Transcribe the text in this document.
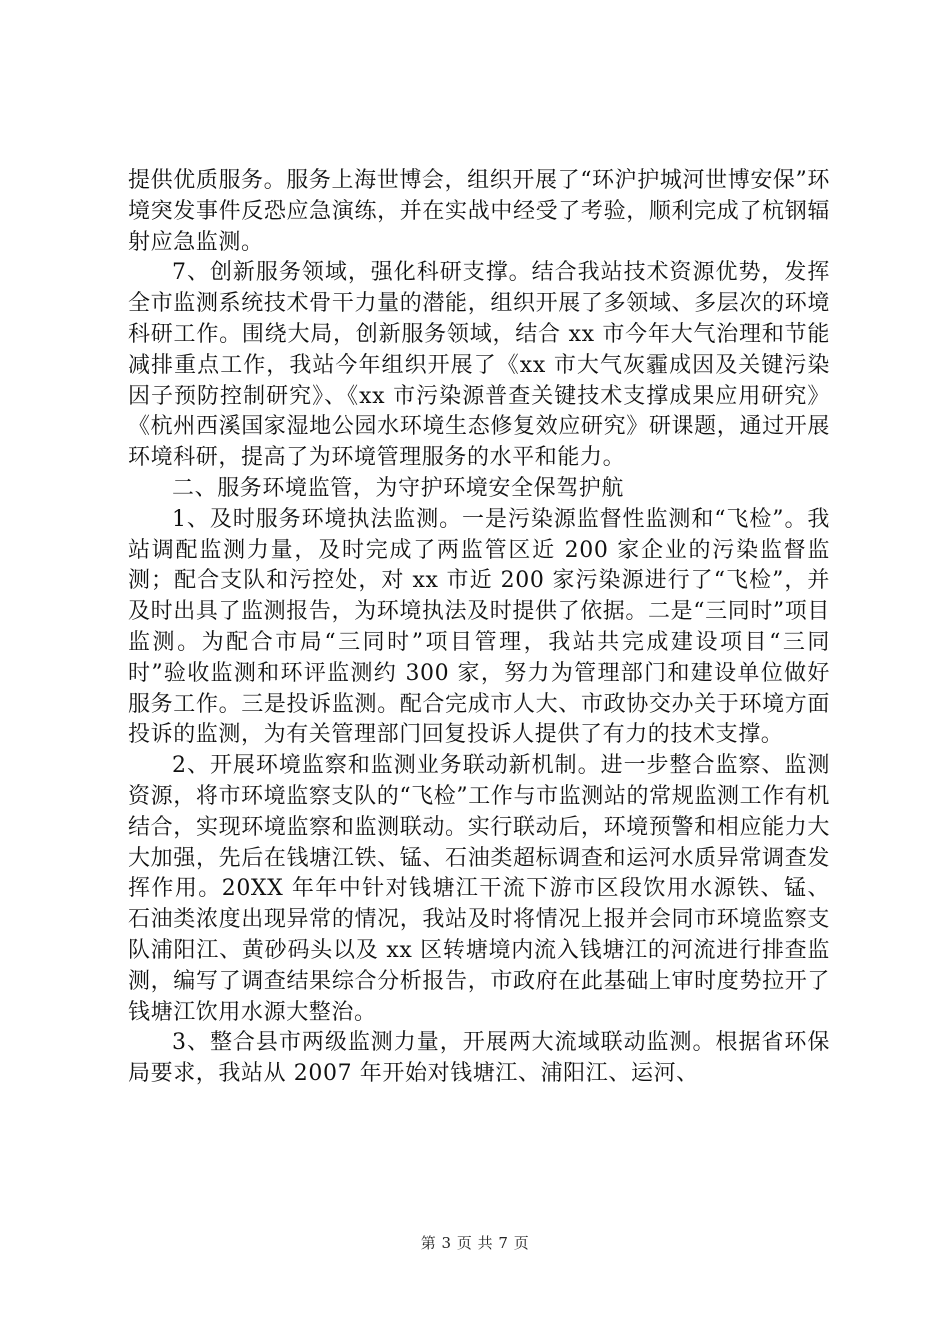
提供优质服务。服务上海世博会，组织开展了“环沪护城河世博安保”环境突发事件反恐应急演练，并在实战中经受了考验，顺利完成了杭钢辐射应急监测。

7、创新服务领域，强化科研支撑。结合我站技术资源优势，发挥全市监测系统技术骨干力量的潜能，组织开展了多领域、多层次的环境科研工作。围绕大局，创新服务领域，结合 xx 市今年大气治理和节能减排重点工作，我站今年组织开展了《xx 市大气灰霾成因及关键污染因子预防控制研究》、《xx 市污染源普查关键技术支撑成果应用研究》《杭州西溪国家湿地公园水环境生态修复效应研究》研课题，通过开展环境科研，提高了为环境管理服务的水平和能力。

二、服务环境监管，为守护环境安全保驾护航

1、及时服务环境执法监测。一是污染源监督性监测和“飞检”。我站调配监测力量，及时完成了两监管区近 200 家企业的污染监督监测；配合支队和污控处，对 xx 市近 200 家污染源进行了“飞检”，并及时出具了监测报告，为环境执法及时提供了依据。二是“三同时”项目监测。为配合市局“三同时”项目管理，我站共完成建设项目“三同时”验收监测和环评监测约 300 家，努力为管理部门和建设单位做好服务工作。三是投诉监测。配合完成市人大、市政协交办关于环境方面投诉的监测，为有关管理部门回复投诉人提供了有力的技术支撑。

2、开展环境监察和监测业务联动新机制。进一步整合监察、监测资源，将市环境监察支队的“飞检”工作与市监测站的常规监测工作有机结合，实现环境监察和监测联动。实行联动后，环境预警和相应能力大大加强，先后在钱塘江铁、锰、石油类超标调查和运河水质异常调查发挥作用。20XX 年年中针对钱塘江干流下游市区段饮用水源铁、锰、石油类浓度出现异常的情况，我站及时将情况上报并会同市环境监察支队浦阳江、黄砂码头以及 xx 区转塘境内流入钱塘江的河流进行排查监测，编写了调查结果综合分析报告，市政府在此基础上审时度势拉开了钱塘江饮用水源大整治。

3、整合县市两级监测力量，开展两大流域联动监测。根据省环保局要求，我站从 2007 年开始对钱塘江、浦阳江、运河、

第 3 页 共 7 页
